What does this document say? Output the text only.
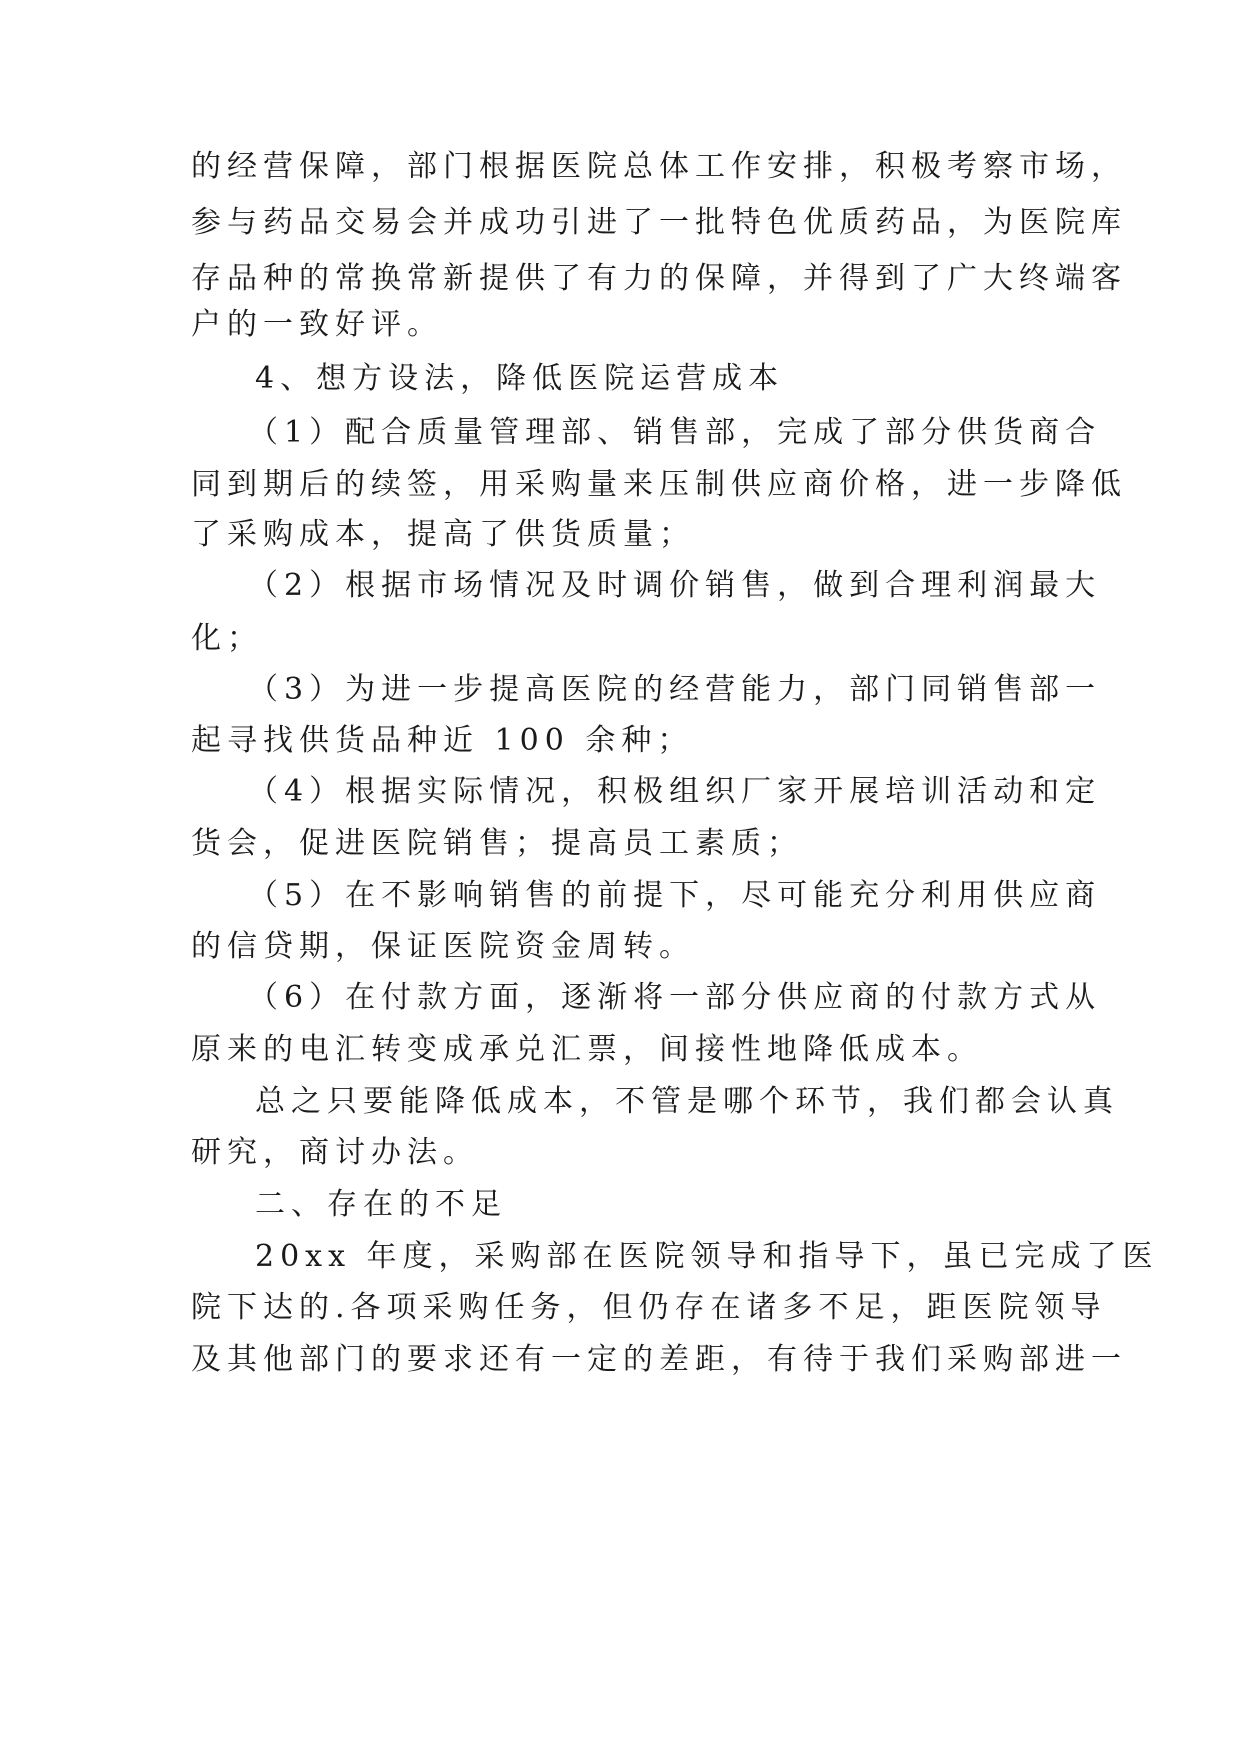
的经营保障，部门根据医院总体工作安排，积极考察市场，
参与药品交易会并成功引进了一批特色优质药品，为医院库
存品种的常换常新提供了有力的保障，并得到了广大终端客
户的一致好评。
4、想方设法，降低医院运营成本
（1）配合质量管理部、销售部，完成了部分供货商合
同到期后的续签，用采购量来压制供应商价格，进一步降低
了采购成本，提高了供货质量；
（2）根据市场情况及时调价销售，做到合理利润最大
化；
（3）为进一步提高医院的经营能力，部门同销售部一
起寻找供货品种近 100 余种；
（4）根据实际情况，积极组织厂家开展培训活动和定
货会，促进医院销售；提高员工素质；
（5）在不影响销售的前提下，尽可能充分利用供应商
的信贷期，保证医院资金周转。
（6）在付款方面，逐渐将一部分供应商的付款方式从
原来的电汇转变成承兑汇票，间接性地降低成本。
总之只要能降低成本，不管是哪个环节，我们都会认真
研究，商讨办法。
二、存在的不足
20xx 年度，采购部在医院领导和指导下，虽已完成了医
院下达的.各项采购任务，但仍存在诸多不足，距医院领导
及其他部门的要求还有一定的差距，有待于我们采购部进一
